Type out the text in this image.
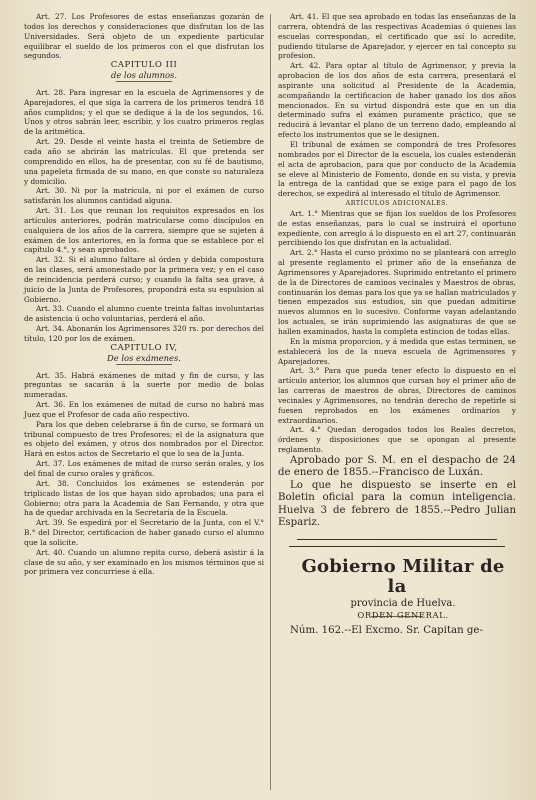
Art. 27. Los Profesores de estas enseñanzas gozarán de todos los derechos y consideraciones que disfrutan los de las Universidades. Será objeto de un expediente particular equilibrar el sueldo de los primeros con el que disfrutan los segundos.

CAPITULO III

de los alumnos.

Art. 28. Para ingresar en la escuela de Agrimensores y de Aparejadores, el que siga la carrera de los primeros tendrá 18 años cumplidos; y el que se dedique á la de los segundos, 16. Unos y otros sabrán leer, escribir, y los cuatro primeros reglas de la aritmética.

Art. 29. Desde el veinte hasta el treinta de Setiembre de cada año se abrirán las matrículas. El que pretenda ser comprendido en ellos, ha de presentar, con su fé de bautismo, una papeleta firmada de su mano, en que conste su naturaleza y domicilio.

Art. 30. Ni por la matrícula, ni por el exámen de curso satisfarán los alumnos cantidad alguna.

Art. 31. Los que reunan los requisitos expresados en los artículos anteriores, podrán matricularse como discípulos en cualquiera de los años de la carrera, siempre que se sujeten á exámen de los anteriores, en la forma que se establece por el capítulo 4.°, y sean aprobados.

Art. 32. Si el alumno faltare al órden y debida compostura en las clases, será amonestado por la primera vez; y en el caso de reincidencia perderá curso; y cuando la falta sea grave, á juicio de la Junta de Profesores, propondrá esta su espulsion al Gobierno.

Art. 33. Cuando el alumno cuente treinta faltas involuntarias de asistencia ú ocho voluntarias, perderá el año.

Art. 34. Abonarán los Agrimensores 320 rs. por derechos del título, 120 por los de exámen.

CAPITULO IV,

De los exámenes.

Art. 35. Habrá exámenes de mitad y fin de curso, y las preguntas se sacarán á la suerte por medio de bolas numeradas.

Art. 36. En los exámenes de mitad de curso no habrá mas Juez que el Profesor de cada año respectivo.

Para los que deben celebrarse á fin de curso, se formará un tribunal compuesto de tres Profesores; el de la asignatura que es objeto del exámen, y otros dos nombrados por el Director. Hará en estos actos de Secretario el que lo sea de la Junta.

Art. 37. Los exámenes de mitad de curso serán orales, y los del final de curso orales y gráficos.

Art. 38. Concluidos los exámenes se estenderán por triplicado listas de los que hayan sido aprobados; una para el Gobierno; otra para la Academia de San Fernando, y otra que ha de quedar archivada en la Secretaría de la Escuela.

Art. 39. Se espedirá por el Secretario de la Junta, con el V.° B.° del Director, certificacion de haber ganado curso el alumno que la solicite.

Art. 40. Cuando un alumno repita curso, deberá asistir á la clase de su año, y ser examinado en los mismos términos que si por primera vez concurriese á ella.

Art. 41. El que sea aprobado en todas las enseñanzas de la carrera, obtendrá de las respectivas Academias ó quienes las escuelas correspondan, el certificado que así lo acredite, pudiendo titularse de Aparejador, y ejercer en tal concepto su profesion.

Art. 42. Para optar al título de Agrimensor, y previa la aprobacion de los dos años de esta carrera, presentará el aspirante una solicitud al Presidente de la Academia, acompañando la certificacion de haber ganado los dos años mencionados. En su virtud dispondrá este que en un dia determinado sufra el exámen puramente práctico, que se reducirá á levantar el plano de un terreno dado, empleando al efecto los instrumentos que se le designen.

El tribunal de exámen se compondrá de tres Profesores nombrados por el Director de la escuela, los cuales estenderán el acta de aprobacion, para que por conducto de la Academia se eleve al Ministerio de Fomento, donde en su vista, y previa la entrega de la cantidad que se exige para el pago de los derechos, se expedirá al interesado el título de Agrimensor.

ARTÍCULOS ADICIONALES.

Art. 1.° Mientras que se fijan los sueldos de los Profesores de estas enseñanzas, para lo cual se instruirá el oportuno expediente, con arreglo á lo dispuesto en el art 27, continuarán percibiendo los que disfrutan en la actualidad.

Art. 2.° Hasta el curso próximo no se planteará con arreglo al presente reglamento el primer año de la enseñanza de Agrimensores y Aparejadores. Suprimido entretanto el primero de la de Directores de caminos vecinales y Maestros de obras, continuarán los demas para los que ya se hallan matriculados y tienen empezados sus estudios, sin que puedan admitirse nuevos alumnos en lo sucesivo. Conforme vayan adelantando los actuales, se irán suprimiendo las asignaturas de que se hallen examinados, hasta la completa estincion de todas ellas.

En la misma proporcion, y á medida que estas terminen, se establecerá los de la nueva escuela de Agrimensores y Aparejadores.

Art. 3.° Para que pueda tener efecto lo dispuesto en el artículo anterior, los alumnos que cursan hoy el primer año de las carreras de maestros de obras, Directores de caminos vecinales y Agrimensores, no tendrán derecho de repetirle si fuesen reprobados en los exámenes ordinarios y extraordinarios.

Art. 4.° Quedan derogados todos los Reales decretos, órdenes y disposiciones que se opongan al presente reglamento.

Aprobado por S. M. en el despacho de 24 de enero de 1855.--Francisco de Luxán.

Lo que he dispuesto se inserte en el Boletin oficial para la comun inteligencia. Huelva 3 de febrero de 1855.--Pedro Julian Espariz.

Gobierno Militar de la

provincia de Huelva.

ORDEN GENERAL.

Núm. 162.--El Excmo. Sr. Capitan ge-
